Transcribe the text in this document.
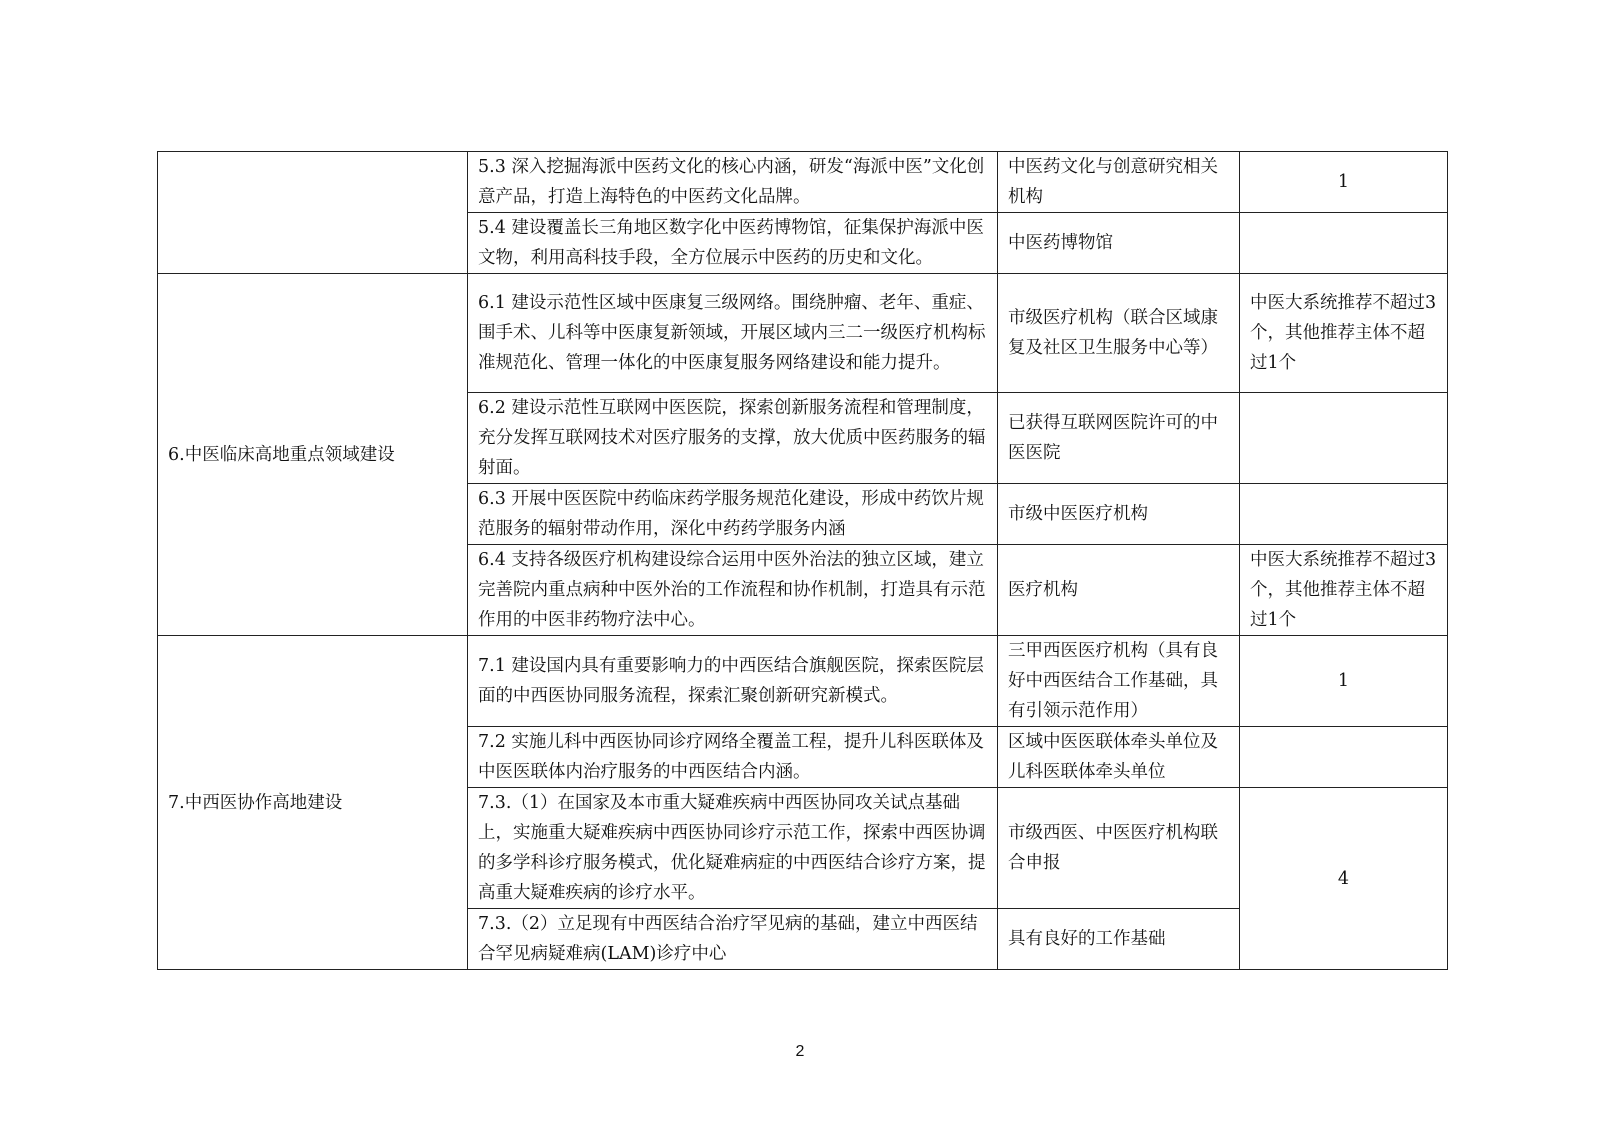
	5.3 深入挖掘海派中医药文化的核心内涵，研发“海派中医”文化创意产品，打造上海特色的中医药文化品牌。	中医药文化与创意研究相关机构	1
	5.4 建设覆盖长三角地区数字化中医药博物馆，征集保护海派中医文物，利用高科技手段，全方位展示中医药的历史和文化。	中医药博物馆	
6.中医临床高地重点领域建设	6.1 建设示范性区域中医康复三级网络。围绕肿瘤、老年、重症、围手术、儿科等中医康复新领域，开展区域内三二一级医疗机构标准规范化、管理一体化的中医康复服务网络建设和能力提升。	市级医疗机构（联合区域康复及社区卫生服务中心等）	中医大系统推荐不超过3个，其他推荐主体不超过1个
	6.2 建设示范性互联网中医医院，探索创新服务流程和管理制度，充分发挥互联网技术对医疗服务的支撑，放大优质中医药服务的辐射面。	已获得互联网医院许可的中医医院	
	6.3 开展中医医院中药临床药学服务规范化建设，形成中药饮片规范服务的辐射带动作用，深化中药药学服务内涵	市级中医医疗机构	
	6.4 支持各级医疗机构建设综合运用中医外治法的独立区域，建立完善院内重点病种中医外治的工作流程和协作机制，打造具有示范作用的中医非药物疗法中心。	医疗机构	中医大系统推荐不超过3个，其他推荐主体不超过1个
7.中西医协作高地建设	7.1 建设国内具有重要影响力的中西医结合旗舰医院，探索医院层面的中西医协同服务流程，探索汇聚创新研究新模式。	三甲西医医疗机构（具有良好中西医结合工作基础，具有引领示范作用）	1
	7.2 实施儿科中西医协同诊疗网络全覆盖工程，提升儿科医联体及中医医联体内治疗服务的中西医结合内涵。	区域中医医联体牵头单位及儿科医联体牵头单位	
	7.3.（1）在国家及本市重大疑难疾病中西医协同攻关试点基础上，实施重大疑难疾病中西医协同诊疗示范工作，探索中西医协调的多学科诊疗服务模式，优化疑难病症的中西医结合诊疗方案，提高重大疑难疾病的诊疗水平。	市级西医、中医医疗机构联合申报	4
	7.3.（2）立足现有中西医结合治疗罕见病的基础，建立中西医结合罕见病疑难病(LAM)诊疗中心	具有良好的工作基础	
2
